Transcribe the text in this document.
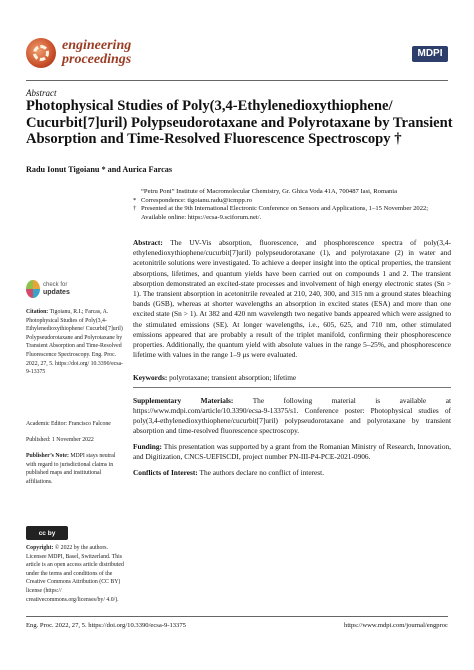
engineering
proceedings	MDPI
Abstract
Photophysical Studies of Poly(3,4-Ethylenedioxythiophene/ Cucurbit[7]uril) Polypseudorotaxane and Polyrotaxane by Transient Absorption and Time-Resolved Fluorescence Spectroscopy †
Radu Ionut Tigoianu * and Aurica Farcas
“Petru Poni” Institute of Macromolecular Chemistry, Gr. Ghica Voda 41A, 700487 Iasi, Romania
* Correspondence: tigoianu.radu@icmpp.ro
† Presented at the 9th International Electronic Conference on Sensors and Applications, 1–15 November 2022; Available online: https://ecsa-9.sciforum.net/.
Abstract: The UV-Vis absorption, fluorescence, and phosphorescence spectra of poly(3,4-ethylenedioxythiophene/cucurbit[7]uril) polypseudorotaxane (1), and polyrotaxane (2) in water and acetonitrile solutions were investigated. To achieve a deeper insight into the optical properties, the transient absorptions, lifetimes, and quantum yields have been carried out on compounds 1 and 2. The transient absorption demonstrated an excited-state processes and involvement of high energy electronic states (Sn > 1). The transient absorption in acetonitrile revealed at 210, 240, 300, and 315 nm a ground states bleaching bands (GSB), whereas at shorter wavelengths an absorption in excited states (ESA) and more than one excited state (Sn > 1). At 382 and 420 nm wavelength two negative bands appeared which were assigned to the stimulated emissions (SE). At longer wavelengths, i.e., 605, 625, and 710 nm, other stimulated emissions appeared that are probably a result of the triplet manifold, confirming their phosphorescence properties. Additionally, the quantum yield with absolute values in the range 5–25%, and phosphorescence lifetime with values in the range 1–9 μs were evaluated.
Keywords: polyrotaxane; transient absorption; lifetime
Supplementary Materials:	The following material is available at https://www.mdpi.com/article/10.3390/ecsa-9-13375/s1. Conference poster: Photophysical studies of poly(3,4-ethylenedioxythiophene/cucurbit[7]uril) polypseudorotaxane and polyrotaxane by transient absorption and time-resolved fluorescence spectroscopy.
Funding: This presentation was supported by a grant from the Romanian Ministry of Research, Innovation, and Digitization, CNCS-UEFISCDI, project number PN-III-P4-PCE-2021-0906.
Conflicts of Interest: The authors declare no conflict of interest.
check for
updates
Citation: Tigoianu, R.I.; Farcas, A. Photophysical Studies of Poly(3,4-Ethylenedioxythiophene/ Cucurbit[7]uril) Polypseudorotaxane and Polyrotaxane by Transient Absorption and Time-Resolved Fluorescence Spectroscopy. Eng. Proc. 2022, 27, 5. https://doi.org/ 10.3390/ecsa-9-13375
Academic Editor: Francisco Falcone
Published: 1 November 2022
Publisher’s Note: MDPI stays neutral with regard to jurisdictional claims in published maps and institutional affiliations.
cc by
Copyright: © 2022 by the authors. Licensee MDPI, Basel, Switzerland. This article is an open access article distributed under the terms and conditions of the Creative Commons Attribution (CC BY) license (https:// creativecommons.org/licenses/by/ 4.0/).
Eng. Proc. 2022, 27, 5. https://doi.org/10.3390/ecsa-9-13375	https://www.mdpi.com/journal/engproc
